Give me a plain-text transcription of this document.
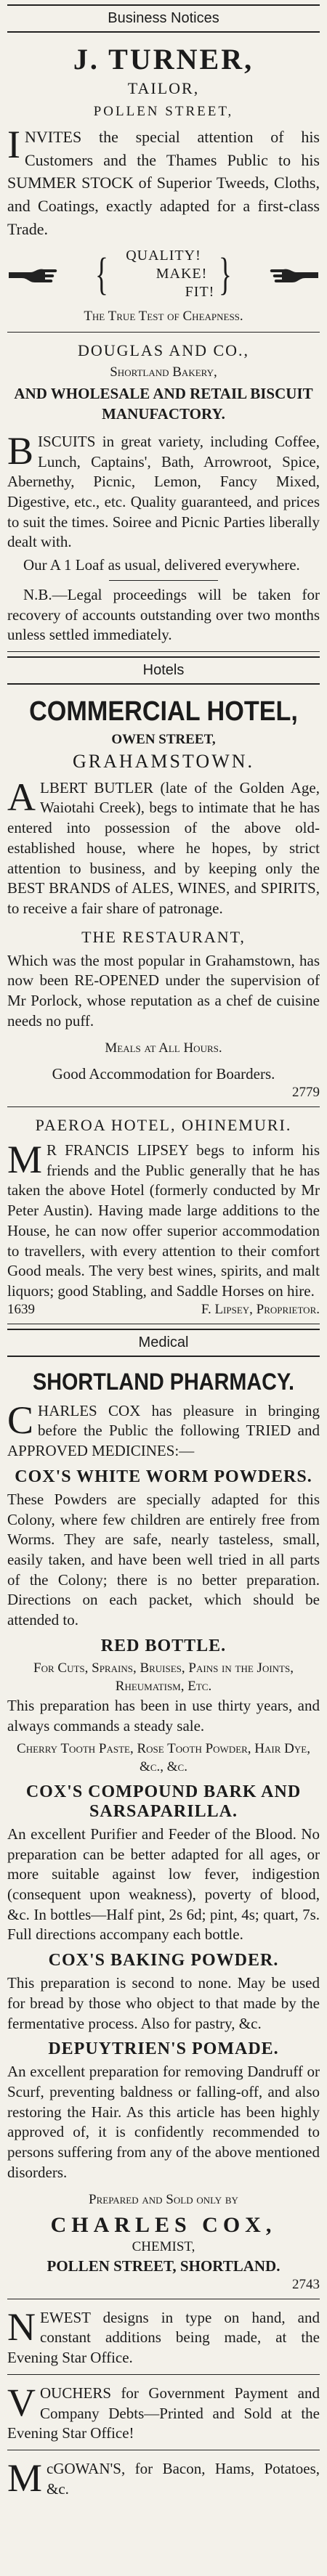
Business Notices
J. TURNER,
TAILOR,
POLLEN STREET,

INVITES the special attention of his Customers and the Thames Public to his SUMMER STOCK of Superior Tweeds, Cloths, and Coatings, exactly adapted for a first-class Trade.

{	QUALITY!
MAKE!
FIT! }
The True Test of Cheapness.
DOUGLAS AND CO.,
Shortland Bakery,
AND WHOLESALE AND RETAIL BISCUIT MANUFACTORY.

BISCUITS in great variety, including Coffee, Lunch, Captains', Bath, Arrowroot, Spice, Abernethy, Picnic, Lemon, Fancy Mixed, Digestive, etc., etc. Quality guaranteed, and prices to suit the times. Soiree and Picnic Parties liberally dealt with.

Our A 1 Loaf as usual, delivered everywhere.

N.B.—Legal proceedings will be taken for recovery of accounts outstanding over two months unless settled immediately.

Hotels
COMMERCIAL HOTEL,
OWEN STREET,
GRAHAMSTOWN.

ALBERT BUTLER (late of the Golden Age, Waiotahi Creek), begs to intimate that he has entered into possession of the above old-established house, where he hopes, by strict attention to business, and by keeping only the BEST BRANDS of ALES, WINES, and SPIRITS, to receive a fair share of patronage.

THE RESTAURANT,

Which was the most popular in Grahamstown, has now been RE-OPENED under the supervision of Mr Porlock, whose reputation as a chef de cuisine needs no puff.

Meals at All Hours.
Good Accommodation for Boarders.
2779
PAEROA HOTEL, OHINEMURI.

M R FRANCIS LIPSEY begs to inform his friends and the Public generally that he has taken the above Hotel (formerly conducted by Mr Peter Austin). Having made large additions to the House, he can now offer superior accommodation to travellers, with every attention to their comfort Good meals. The very best wines, spirits, and malt liquors; good Stabling, and Saddle Horses on hire.

1639	F. Lipsey, Proprietor.
Medical
SHORTLAND PHARMACY.

CHARLES COX has pleasure in bringing before the Public the following TRIED and APPROVED MEDICINES:—

COX'S WHITE WORM POWDERS.

These Powders are specially adapted for this Colony, where few children are entirely free from Worms. They are safe, nearly tasteless, small, easily taken, and have been well tried in all parts of the Colony; there is no better preparation. Directions on each packet, which should be attended to.

RED BOTTLE.
For Cuts, Sprains, Bruises, Pains in the Joints, Rheumatism, Etc.

This preparation has been in use thirty years, and always commands a steady sale.

Cherry Tooth Paste, Rose Tooth Powder, Hair Dye, &c., &c.
COX'S COMPOUND BARK AND SARSAPARILLA.

An excellent Purifier and Feeder of the Blood. No preparation can be better adapted for all ages, or more suitable against low fever, indigestion (consequent upon weakness), poverty of blood, &c. In bottles—Half pint, 2s 6d; pint, 4s; quart, 7s. Full directions accompany each bottle.

COX'S BAKING POWDER.

This preparation is second to none. May be used for bread by those who object to that made by the fermentative process. Also for pastry, &c.

DEPUYTRIEN'S POMADE.

An excellent preparation for removing Dandruff or Scurf, preventing baldness or falling-off, and also restoring the Hair. As this article has been highly approved of, it is confidently recommended to persons suffering from any of the above mentioned disorders.

Prepared and Sold only by
CHARLES COX,
CHEMIST,
POLLEN STREET, SHORTLAND.
2743

NEWEST designs in type on hand, and constant additions being made, at the Evening Star Office.

VOUCHERS for Government Payment and Company Debts—Printed and Sold at the Evening Star Office!

McGOWAN'S, for Bacon, Hams, Potatoes, &c.
